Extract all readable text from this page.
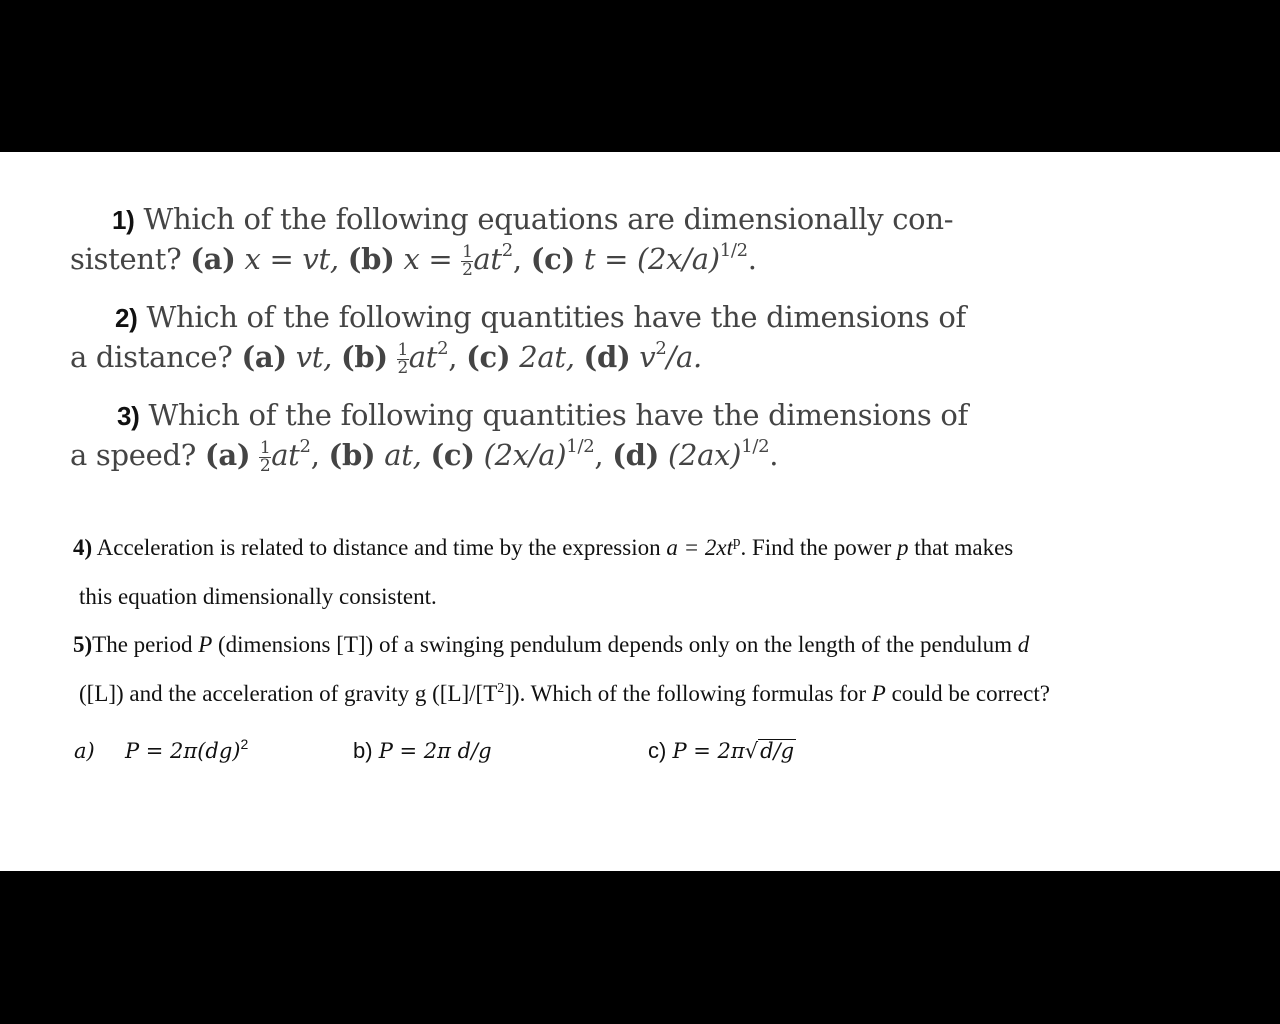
1) Which of the following equations are dimensionally con-
sistent? (a) x = vt, (b) $x = \frac{1}{2} at^2$, (c) $t = (2x/a)^{1/2}$.
2) Which of the following quantities have the dimensions of
a distance? (a) vt, $(b) \frac{1}{2} at^2$, (c) 2at, (d) $v^2/a$.
3) Which of the following quantities have the dimensions of
a speed? $(a) \frac{1}{2} at^2$, (b) at, (c) $(2x/a)^{1/2}$, (d) $(2ax)^{1/2}$.
4) Acceleration is related to distance and time by the expression $a = 2xt^p$. Find the power p that makes
this equation dimensionally consistent.
5)The period P (dimensions [T]) of a swinging pendulum depends only on the length of the pendulum d
([L]) and the acceleration of gravity g $([L]/[T^2])$. Which of the following formulas for P could be correct?
a) P = 2π(dg)$^2$	b) P = 2π d/g	c) P = 2π√d/g
